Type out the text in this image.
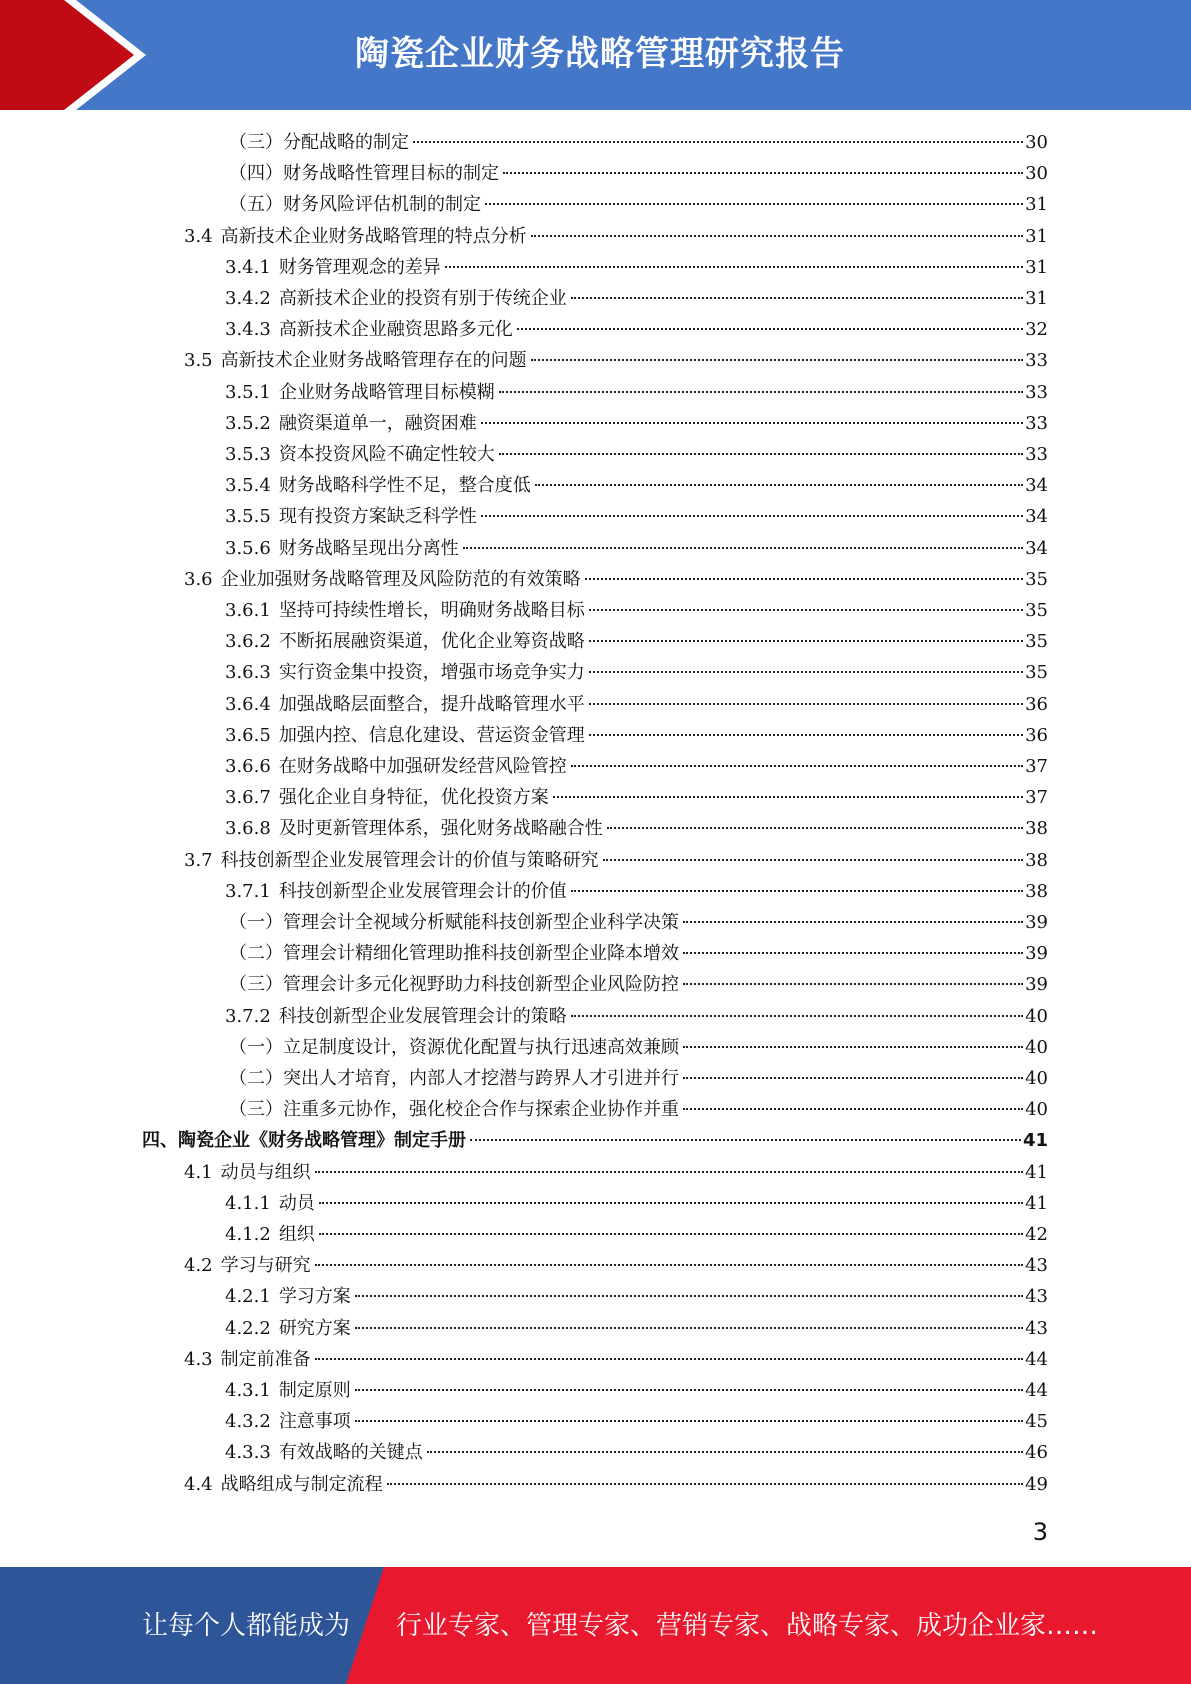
陶瓷企业财务战略管理研究报告
（三）分配战略的制定	30
（四）财务战略性管理目标的制定	30
（五）财务风险评估机制的制定	31
3.4 高新技术企业财务战略管理的特点分析	31
3.4.1 财务管理观念的差异	31
3.4.2 高新技术企业的投资有别于传统企业	31
3.4.3 高新技术企业融资思路多元化	32
3.5 高新技术企业财务战略管理存在的问题	33
3.5.1 企业财务战略管理目标模糊	33
3.5.2 融资渠道单一，融资困难	33
3.5.3 资本投资风险不确定性较大	33
3.5.4 财务战略科学性不足，整合度低	34
3.5.5 现有投资方案缺乏科学性	34
3.5.6 财务战略呈现出分离性	34
3.6 企业加强财务战略管理及风险防范的有效策略	35
3.6.1 坚持可持续性增长，明确财务战略目标	35
3.6.2 不断拓展融资渠道，优化企业筹资战略	35
3.6.3 实行资金集中投资，增强市场竞争实力	35
3.6.4 加强战略层面整合，提升战略管理水平	36
3.6.5 加强内控、信息化建设、营运资金管理	36
3.6.6 在财务战略中加强研发经营风险管控	37
3.6.7 强化企业自身特征，优化投资方案	37
3.6.8 及时更新管理体系，强化财务战略融合性	38
3.7 科技创新型企业发展管理会计的价值与策略研究	38
3.7.1 科技创新型企业发展管理会计的价值	38
（一）管理会计全视域分析赋能科技创新型企业科学决策	39
（二）管理会计精细化管理助推科技创新型企业降本增效	39
（三）管理会计多元化视野助力科技创新型企业风险防控	39
3.7.2 科技创新型企业发展管理会计的策略	40
（一）立足制度设计，资源优化配置与执行迅速高效兼顾	40
（二）突出人才培育，内部人才挖潜与跨界人才引进并行	40
（三）注重多元协作，强化校企合作与探索企业协作并重	40
四、陶瓷企业《财务战略管理》制定手册	41
4.1 动员与组织	41
4.1.1 动员	41
4.1.2 组织	42
4.2 学习与研究	43
4.2.1 学习方案	43
4.2.2 研究方案	43
4.3 制定前准备	44
4.3.1 制定原则	44
4.3.2 注意事项	45
4.3.3 有效战略的关键点	46
4.4 战略组成与制定流程	49
3
让每个人都能成为 行业专家、管理专家、营销专家、战略专家、成功企业家……
